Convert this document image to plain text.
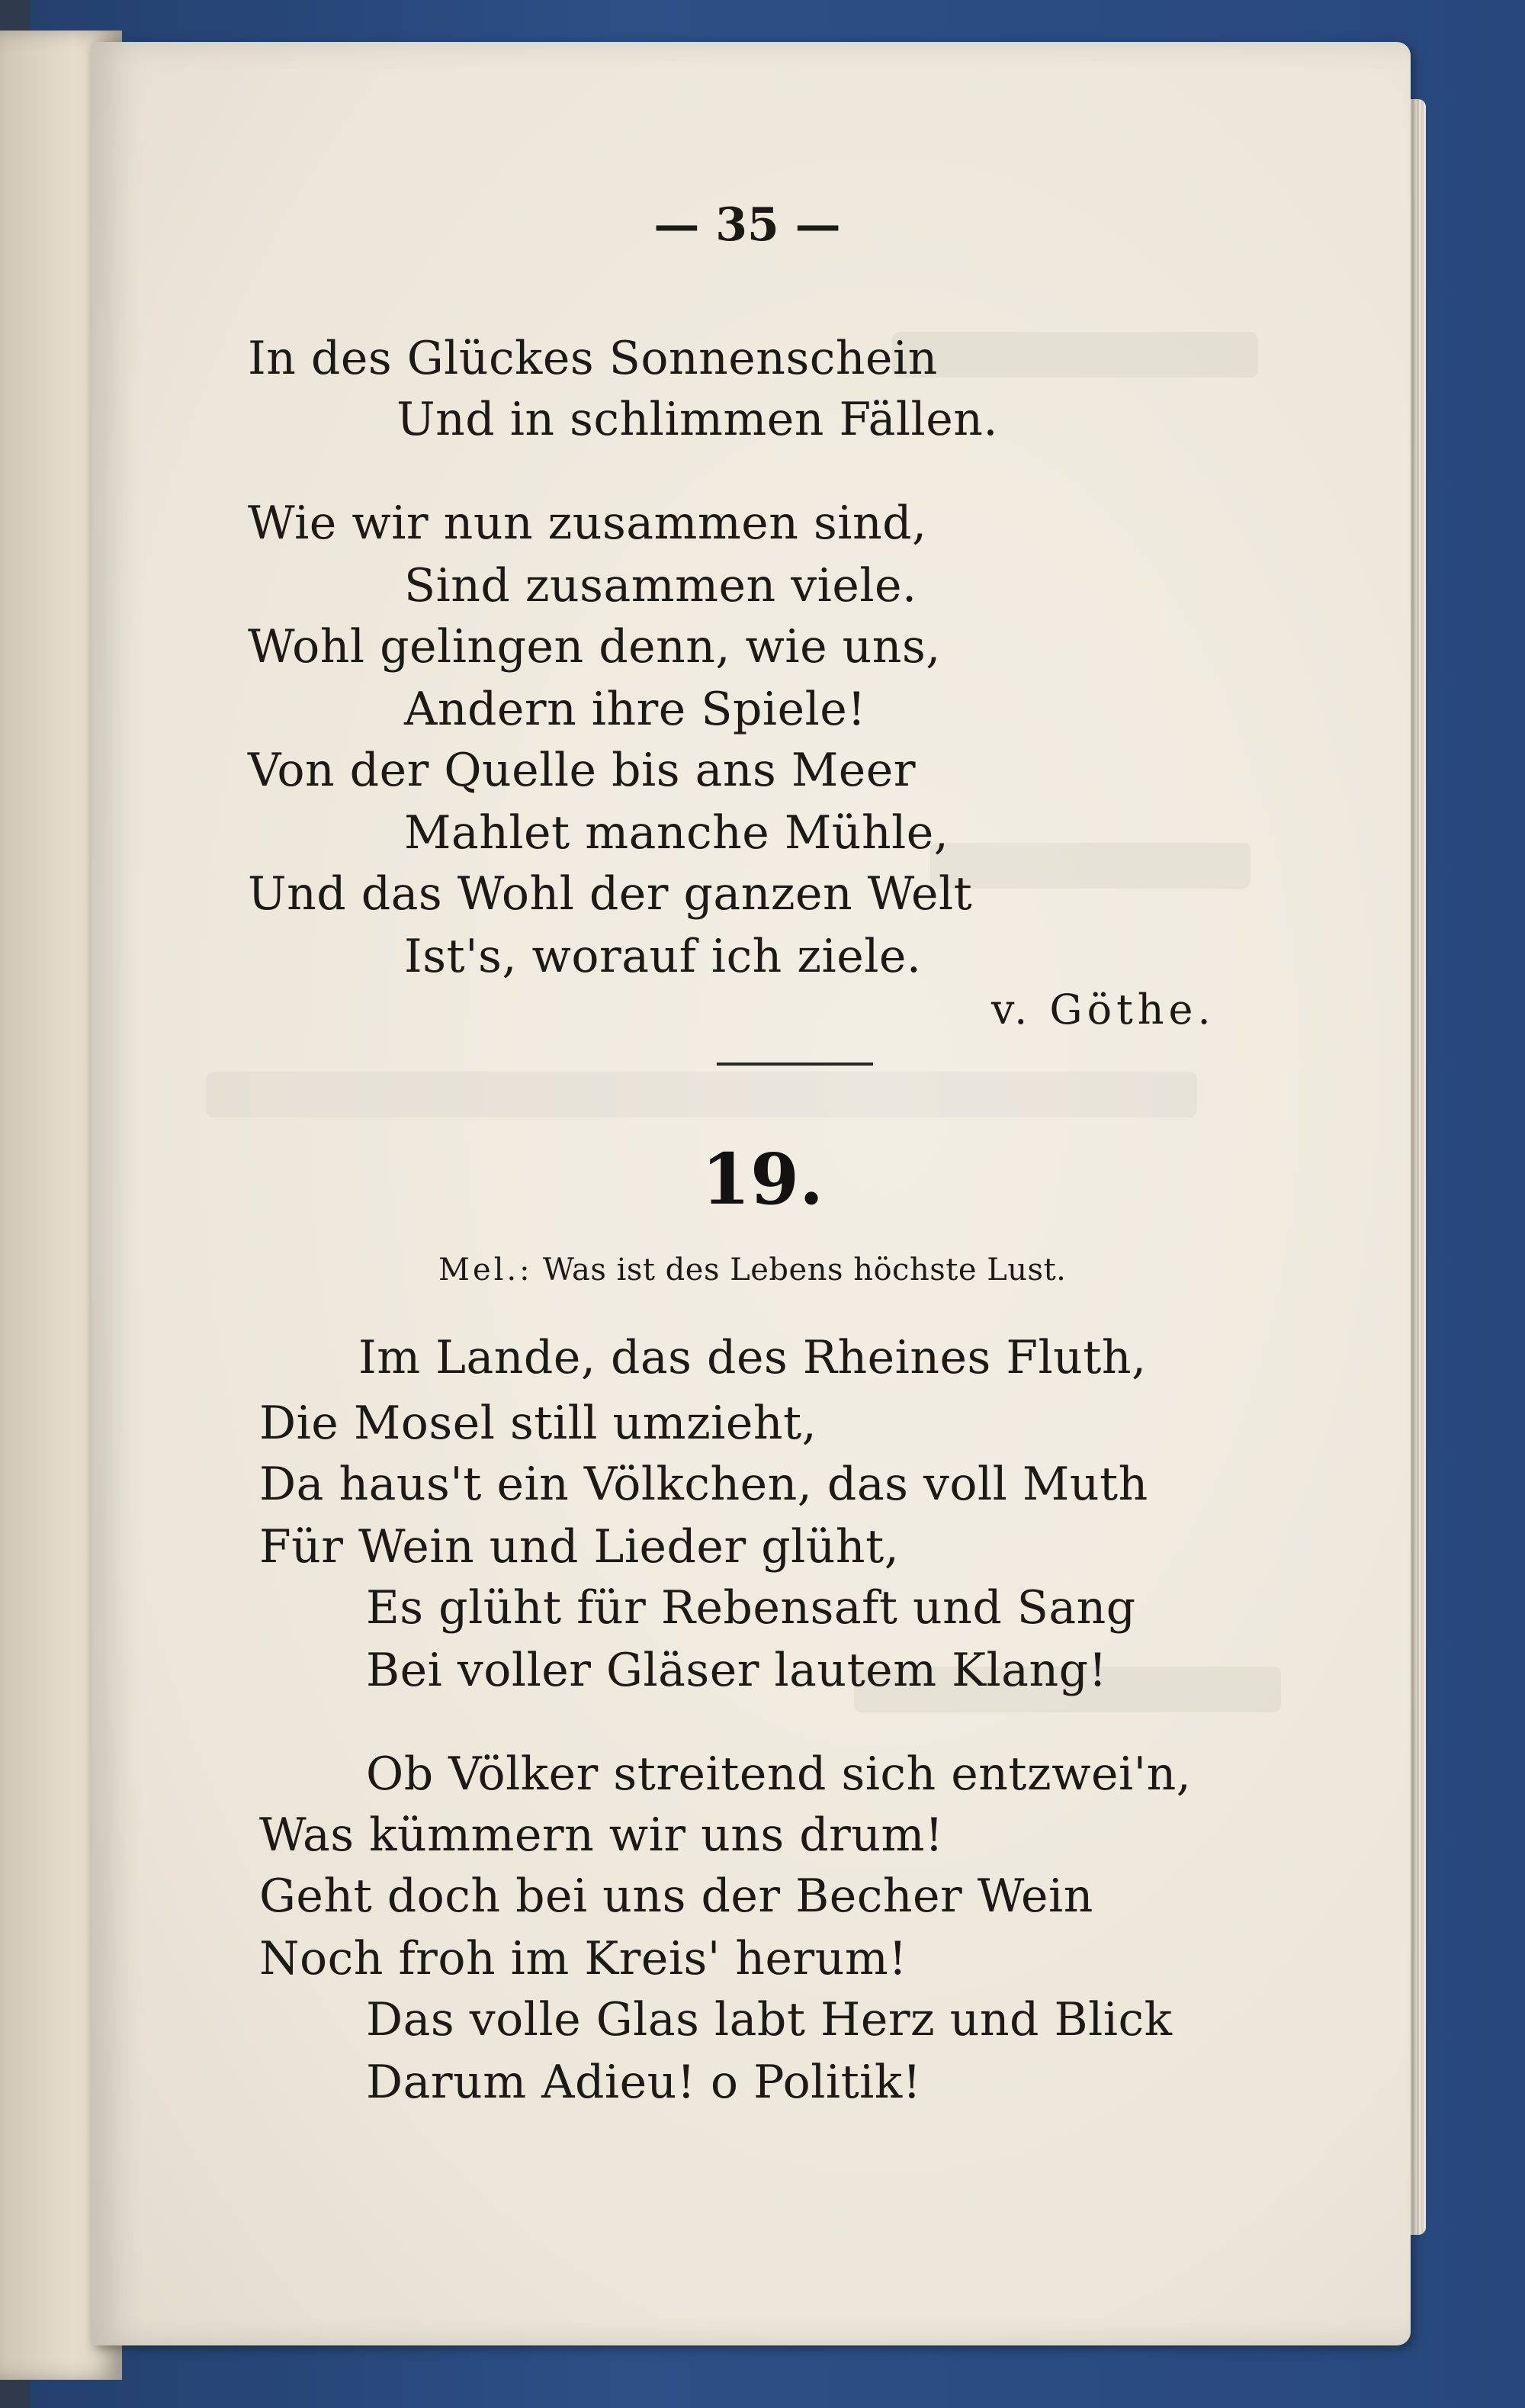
— 35 —

In des Glückes Sonnenschein

Und in schlimmen Fällen.

Wie wir nun zusammen sind,

Sind zusammen viele.

Wohl gelingen denn, wie uns,

Andern ihre Spiele!

Von der Quelle bis ans Meer

Mahlet manche Mühle,

Und das Wohl der ganzen Welt

Ist's, worauf ich ziele.

v. Göthe.

19.

Mel.: Was ist des Lebens höchste Lust.

Im Lande, das des Rheines Fluth,

Die Mosel still umzieht,

Da haus't ein Völkchen, das voll Muth

Für Wein und Lieder glüht,

Es glüht für Rebensaft und Sang

Bei voller Gläser lautem Klang!

Ob Völker streitend sich entzwei'n,

Was kümmern wir uns drum!

Geht doch bei uns der Becher Wein

Noch froh im Kreis' herum!

Das volle Glas labt Herz und Blick

Darum Adieu! o Politik!
